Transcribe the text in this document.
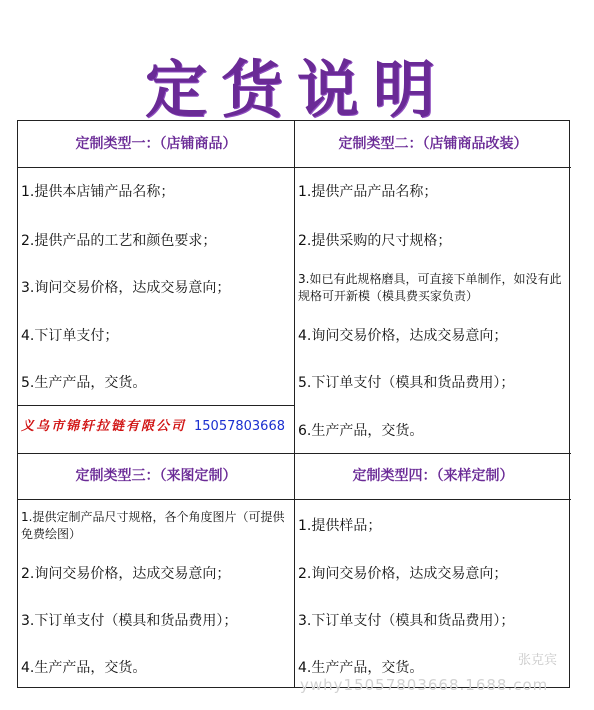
定货说明
定制类型一：（店铺商品）
1.提供本店铺产品名称；
2.提供产品的工艺和颜色要求；
3.询问交易价格，达成交易意向；
4.下订单支付；
5.生产产品，交货。
义乌市锦轩拉链有限公司 15057803668
定制类型三：（来图定制）
1.提供定制产品尺寸规格，各个角度图片（可提供免费绘图）
2.询问交易价格，达成交易意向；
3.下订单支付（模具和货品费用）；
4.生产产品，交货。
定制类型二：（店铺商品改装）
1.提供产品产品名称；
2.提供采购的尺寸规格；
3.如已有此规格磨具，可直接下单制作，如没有此规格可开新模（模具费买家负责）
4.询问交易价格，达成交易意向；
5.下订单支付（模具和货品费用）；
6.生产产品，交货。
定制类型四：（来样定制）
1.提供样品；
2.询问交易价格，达成交易意向；
3.下订单支付（模具和货品费用）；
4.生产产品，交货。	张克宾
ywhy15057803668.1688.com
